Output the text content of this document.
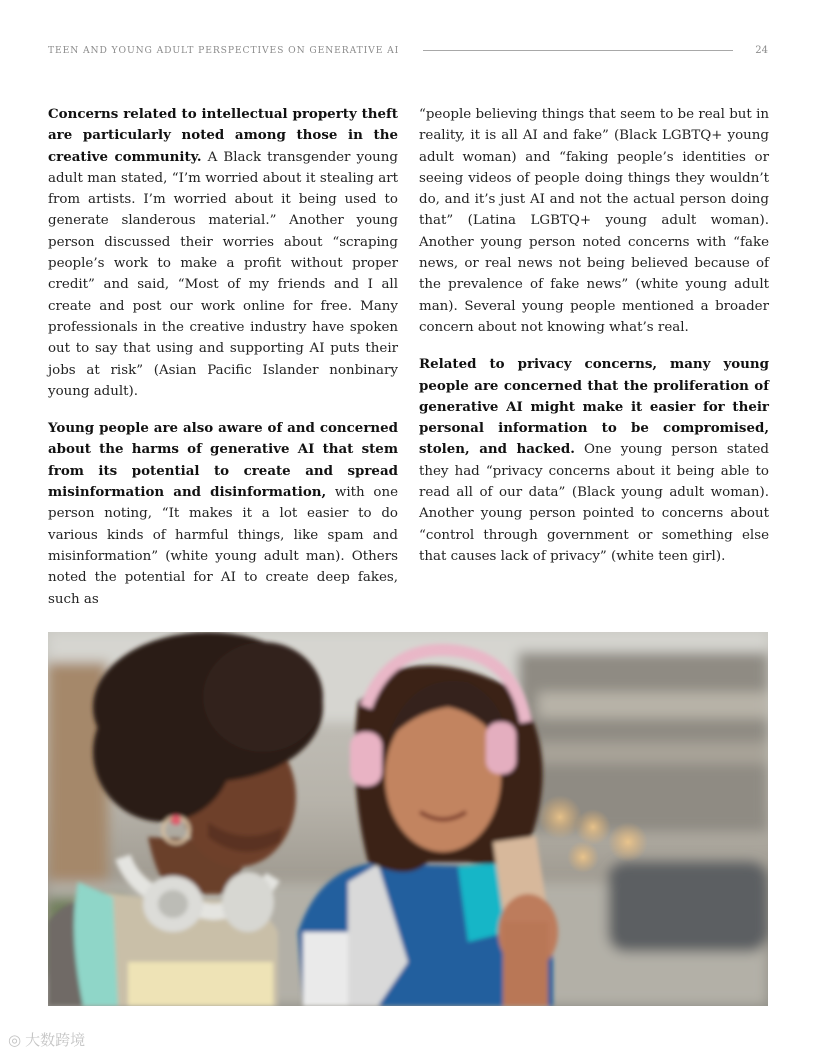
TEEN AND YOUNG ADULT PERSPECTIVES ON GENERATIVE AI	24

Concerns related to intellectual property theft are particularly noted among those in the creative community. A Black transgender young adult man stated, “I’m worried about it stealing art from artists. I’m worried about it being used to generate slanderous material.” Another young person discussed their worries about “scraping people’s work to make a profit without proper credit” and said, “Most of my friends and I all create and post our work online for free. Many professionals in the creative industry have spoken out to say that using and supporting AI puts their jobs at risk” (Asian Pacific Islander nonbinary young adult).

Young people are also aware of and concerned about the harms of generative AI that stem from its potential to create and spread misinformation and disinformation, with one person noting, “It makes it a lot easier to do various kinds of harmful things, like spam and misinformation” (white young adult man). Others noted the potential for AI to create deep fakes, such as

“people believing things that seem to be real but in reality, it is all AI and fake” (Black LGBTQ+ young adult woman) and “faking people’s identities or seeing videos of people doing things they wouldn’t do, and it’s just AI and not the actual person doing that” (Latina LGBTQ+ young adult woman). Another young person noted concerns with “fake news, or real news not being believed because of the prevalence of fake news” (white young adult man). Several young people mentioned a broader concern about not knowing what’s real.

Related to privacy concerns, many young people are concerned that the proliferation of generative AI might make it easier for their personal information to be compromised, stolen, and hacked. One young person stated they had “privacy concerns about it being able to read all of our data” (Black young adult woman). Another young person pointed to concerns about “control through government or something else that causes lack of privacy” (white teen girl).

◎ 大数跨境
